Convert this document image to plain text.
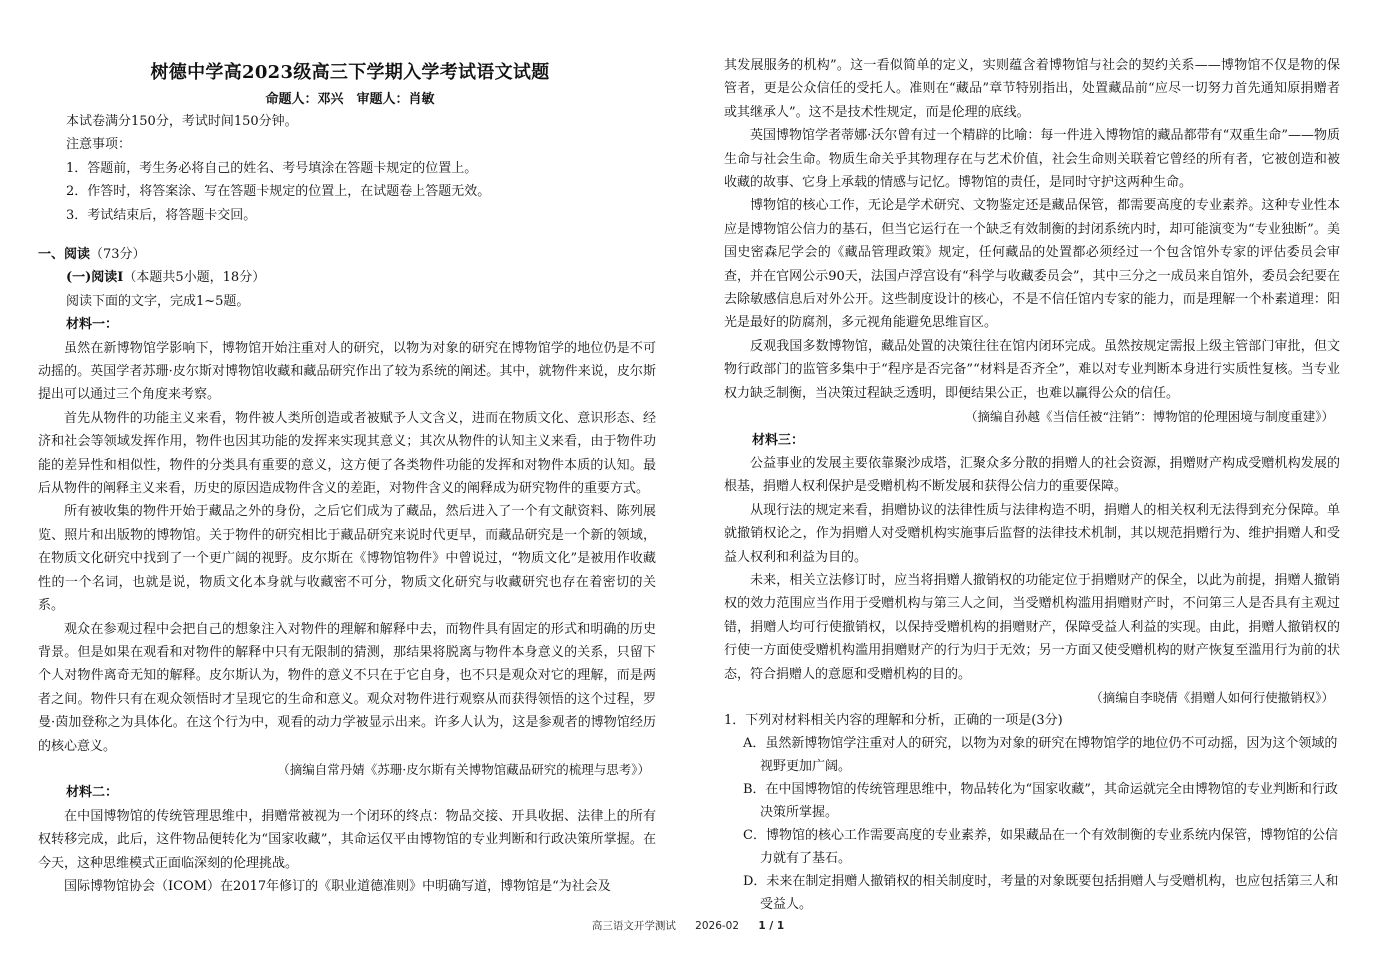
树德中学高2023级高三下学期入学考试语文试题
命题人：邓兴　审题人：肖敏

本试卷满分150分，考试时间150分钟。

注意事项：

1．答题前，考生务必将自己的姓名、考号填涂在答题卡规定的位置上。

2．作答时，将答案涂、写在答题卡规定的位置上，在试题卷上答题无效。

3．考试结束后，将答题卡交回。

一、阅读（73分）

(一)阅读Ⅰ（本题共5小题，18分）

阅读下面的文字，完成1~5题。

材料一：

虽然在新博物馆学影响下，博物馆开始注重对人的研究，以物为对象的研究在博物馆学的地位仍是不可动摇的。英国学者苏珊·皮尔斯对博物馆收藏和藏品研究作出了较为系统的阐述。其中，就物件来说，皮尔斯提出可以通过三个角度来考察。

首先从物件的功能主义来看，物件被人类所创造或者被赋予人文含义，进而在物质文化、意识形态、经济和社会等领域发挥作用，物件也因其功能的发挥来实现其意义；其次从物件的认知主义来看，由于物件功能的差异性和相似性，物件的分类具有重要的意义，这方便了各类物件功能的发挥和对物件本质的认知。最后从物件的阐释主义来看，历史的原因造成物件含义的差距，对物件含义的阐释成为研究物件的重要方式。

所有被收集的物件开始于藏品之外的身份，之后它们成为了藏品，然后进入了一个有文献资料、陈列展览、照片和出版物的博物馆。关于物件的研究相比于藏品研究来说时代更早，而藏品研究是一个新的领域，在物质文化研究中找到了一个更广阔的视野。皮尔斯在《博物馆物件》中曾说过，“物质文化”是被用作收藏性的一个名词，也就是说，物质文化本身就与收藏密不可分，物质文化研究与收藏研究也存在着密切的关系。

观众在参观过程中会把自己的想象注入对物件的理解和解释中去，而物件具有固定的形式和明确的历史背景。但是如果在观看和对物件的解释中只有无限制的猜测，那结果将脱离与物件本身意义的关系，只留下个人对物件离奇无知的解释。皮尔斯认为，物件的意义不只在于它自身，也不只是观众对它的理解，而是两者之间。物件只有在观众领悟时才呈现它的生命和意义。观众对物件进行观察从而获得领悟的这个过程，罗曼·茵加登称之为具体化。在这个行为中，观看的动力学被显示出来。许多人认为，这是参观者的博物馆经历的核心意义。

（摘编自常丹婧《苏珊·皮尔斯有关博物馆藏品研究的梳理与思考》）

材料二：

在中国博物馆的传统管理思维中，捐赠常被视为一个闭环的终点：物品交接、开具收据、法律上的所有权转移完成，此后，这件物品便转化为“国家收藏”，其命运仅平由博物馆的专业判断和行政决策所掌握。在今天，这种思维模式正面临深刻的伦理挑战。

国际博物馆协会（ICOM）在2017年修订的《职业道德准则》中明确写道，博物馆是“为社会及

其发展服务的机构”。这一看似简单的定义，实则蕴含着博物馆与社会的契约关系——博物馆不仅是物的保管者，更是公众信任的受托人。准则在“藏品”章节特别指出，处置藏品前“应尽一切努力首先通知原捐赠者或其继承人”。这不是技术性规定，而是伦理的底线。

英国博物馆学者蒂娜·沃尔曾有过一个精辟的比喻：每一件进入博物馆的藏品都带有“双重生命”——物质生命与社会生命。物质生命关乎其物理存在与艺术价值，社会生命则关联着它曾经的所有者，它被创造和被收藏的故事、它身上承载的情感与记忆。博物馆的责任，是同时守护这两种生命。

博物馆的核心工作，无论是学术研究、文物鉴定还是藏品保管，都需要高度的专业素养。这种专业性本应是博物馆公信力的基石，但当它运行在一个缺乏有效制衡的封闭系统内时，却可能演变为“专业独断”。美国史密森尼学会的《藏品管理政策》规定，任何藏品的处置都必须经过一个包含馆外专家的评估委员会审查，并在官网公示90天，法国卢浮宫设有“科学与收藏委员会”，其中三分之一成员来自馆外，委员会纪要在去除敏感信息后对外公开。这些制度设计的核心，不是不信任馆内专家的能力，而是理解一个朴素道理：阳光是最好的防腐剂，多元视角能避免思维盲区。

反观我国多数博物馆，藏品处置的决策往往在馆内闭环完成。虽然按规定需报上级主管部门审批，但文物行政部门的监管多集中于“程序是否完备”“材料是否齐全”，难以对专业判断本身进行实质性复核。当专业权力缺乏制衡，当决策过程缺乏透明，即便结果公正，也难以赢得公众的信任。

（摘编自孙越《当信任被“注销”：博物馆的伦理困境与制度重建》）

材料三：

公益事业的发展主要依靠聚沙成塔，汇聚众多分散的捐赠人的社会资源，捐赠财产构成受赠机构发展的根基，捐赠人权利保护是受赠机构不断发展和获得公信力的重要保障。

从现行法的规定来看，捐赠协议的法律性质与法律构造不明，捐赠人的相关权利无法得到充分保障。单就撤销权论之，作为捐赠人对受赠机构实施事后监督的法律技术机制，其以规范捐赠行为、维护捐赠人和受益人权利和利益为目的。

未来，相关立法修订时，应当将捐赠人撤销权的功能定位于捐赠财产的保全，以此为前提，捐赠人撤销权的效力范围应当作用于受赠机构与第三人之间，当受赠机构滥用捐赠财产时，不问第三人是否具有主观过错，捐赠人均可行使撤销权，以保持受赠机构的捐赠财产，保障受益人利益的实现。由此，捐赠人撤销权的行使一方面使受赠机构滥用捐赠财产的行为归于无效；另一方面又使受赠机构的财产恢复至滥用行为前的状态，符合捐赠人的意愿和受赠机构的目的。

（摘编自李晓倩《捐赠人如何行使撤销权》）

1．下列对材料相关内容的理解和分析，正确的一项是(3分)

A．虽然新博物馆学注重对人的研究，以物为对象的研究在博物馆学的地位仍不可动摇，因为这个领域的视野更加广阔。

B．在中国博物馆的传统管理思维中，物品转化为“国家收藏”，其命运就完全由博物馆的专业判断和行政决策所掌握。

C．博物馆的核心工作需要高度的专业素养，如果藏品在一个有效制衡的专业系统内保管，博物馆的公信力就有了基石。

D．未来在制定捐赠人撤销权的相关制度时，考量的对象既要包括捐赠人与受赠机构，也应包括第三人和受益人。

高三语文开学测试 2026-02 1 / 1
